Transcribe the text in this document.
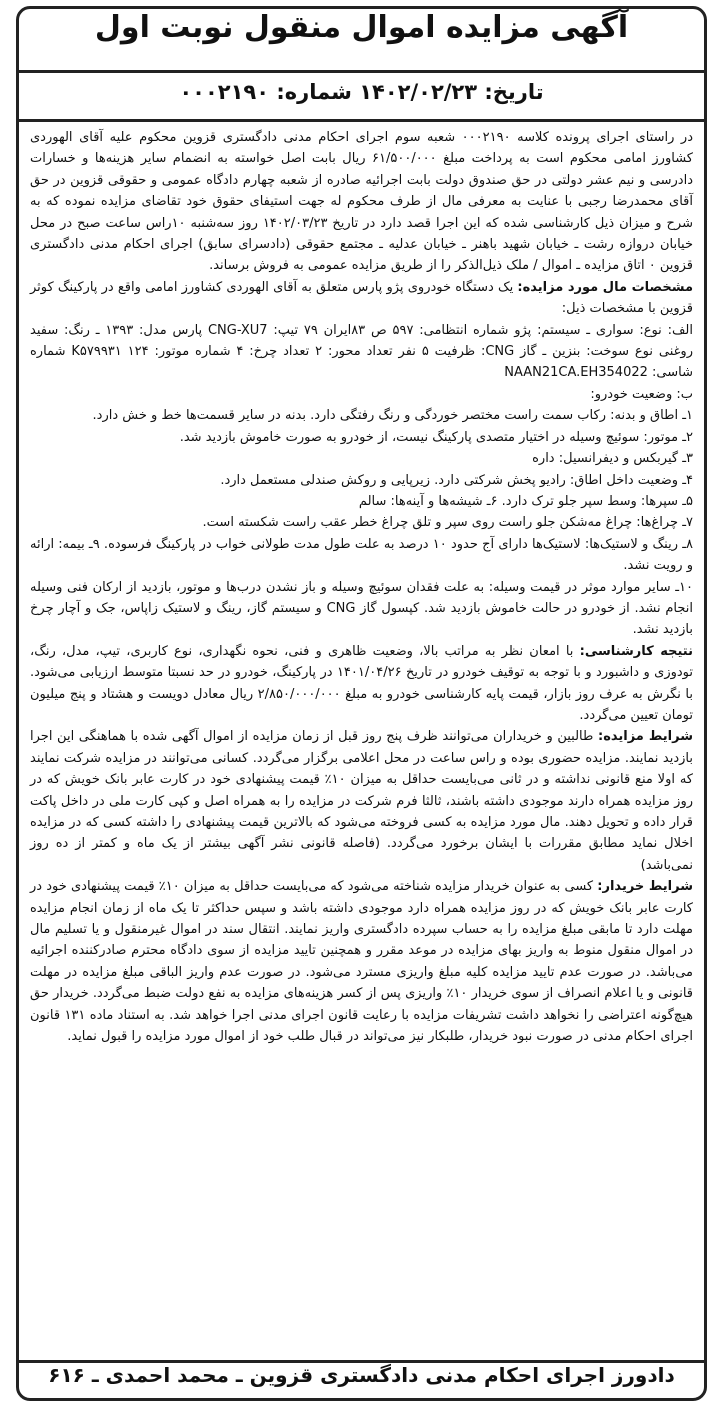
آگهی مزایده اموال منقول نوبت اول
تاریخ: ۱۴۰۲/۰۲/۲۳ شماره: ۰۰۰۲۱۹۰

در راستای اجرای پرونده کلاسه ۰۰۰۲۱۹۰ شعبه سوم اجرای احکام مدنی دادگستری قزوین محکوم علیه آقای الهوردی کشاورز امامی محکوم است به پرداخت مبلغ ۶۱/۵۰۰/۰۰۰ ریال بابت اصل خواسته به انضمام سایر هزینه‌ها و خسارات دادرسی و نیم عشر دولتی در حق صندوق دولت بابت اجرائیه صادره از شعبه چهارم دادگاه عمومی و حقوقی قزوین در حق آقای محمدرضا رجبی با عنایت به معرفی مال از طرف محکوم له جهت استیفای حقوق خود تقاضای مزایده نموده که به شرح و میزان ذیل کارشناسی شده که این اجرا قصد دارد در تاریخ ۱۴۰۲/۰۳/۲۳ روز سه‌شنبه ۱۰راس ساعت صبح در محل خیابان دروازه رشت ـ خیابان شهید باهنر ـ خیابان عدلیه ـ مجتمع حقوقی (دادسرای سابق) اجرای احکام مدنی دادگستری قزوین ۰ اتاق مزایده ـ اموال / ملک ذیل‌الذکر را از طریق مزایده عمومی به فروش برساند.

مشخصات مال مورد مزایده: یک دستگاه خودروی پژو پارس متعلق به آقای الهوردی کشاورز امامی واقع در پارکینگ کوثر قزوین با مشخصات ذیل:

الف: نوع: سواری ـ سیستم: پژو شماره انتظامی: ۵۹۷ ص ۸۳ایران ۷۹ تیپ: CNG-XU7 پارس مدل: ۱۳۹۳ ـ رنگ: سفید روغنی نوع سوخت: بنزین ـ گاز CNG: ظرفیت ۵ نفر تعداد محور: ۲ تعداد چرخ: ۴ شماره موتور: ۱۲۴ K۵۷۹۹۳۱ شماره شاسی: NAAN21CA.EH354022

ب: وضعیت خودرو:

۱ـ اطاق و بدنه: رکاب سمت راست مختصر خوردگی و رنگ رفتگی دارد. بدنه در سایر قسمت‌ها خط و خش دارد.

۲ـ موتور: سوئیچ وسیله در اختیار متصدی پارکینگ نیست، از خودرو به صورت خاموش بازدید شد.

۳ـ گیربکس و دیفرانسیل: داره

۴ـ وضعیت داخل اطاق: رادیو پخش شرکتی دارد. زیرپایی و روکش صندلی مستعمل دارد.

۵ـ سپرها: وسط سپر جلو ترک دارد. ۶ـ شیشه‌ها و آینه‌ها: سالم

۷ـ چراغ‌ها: چراغ مه‌شکن جلو راست روی سپر و تلق چراغ خطر عقب راست شکسته است.

۸ـ رینگ و لاستیک‌ها: لاستیک‌ها دارای آج حدود ۱۰ درصد به علت طول مدت طولانی خواب در پارکینگ فرسوده. ۹ـ بیمه: ارائه و رویت نشد.

۱۰ـ سایر موارد موثر در قیمت وسیله: به علت فقدان سوئیچ وسیله و باز نشدن درب‌ها و موتور، بازدید از ارکان فنی وسیله انجام نشد. از خودرو در حالت خاموش بازدید شد. کپسول گاز CNG و سیستم گاز، رینگ و لاستیک زاپاس، جک و آچار چرخ بازدید نشد.

نتیجه کارشناسی: با امعان نظر به مراتب بالا، وضعیت ظاهری و فنی، نحوه نگهداری، نوع کاربری، تیپ، مدل، رنگ، تودوزی و داشبورد و با توجه به توقیف خودرو در تاریخ ۱۴۰۱/۰۴/۲۶ در پارکینگ، خودرو در حد نسبتا متوسط ارزیابی می‌شود. با نگرش به عرف روز بازار، قیمت پایه کارشناسی خودرو به مبلغ ۲/۸۵۰/۰۰۰/۰۰۰ ریال معادل دویست و هشتاد و پنج میلیون تومان تعیین می‌گردد.

شرایط مزایده: طالبین و خریداران می‌توانند ظرف پنج روز قبل از زمان مزایده از اموال آگهی شده با هماهنگی این اجرا بازدید نمایند. مزایده حضوری بوده و راس ساعت در محل اعلامی برگزار می‌گردد. کسانی می‌توانند در مزایده شرکت نمایند که اولا منع قانونی نداشته و در ثانی می‌بایست حداقل به میزان ۱۰٪ قیمت پیشنهادی خود در کارت عابر بانک خویش که در روز مزایده همراه دارند موجودی داشته باشند، ثالثا فرم شرکت در مزایده را به همراه اصل و کپی کارت ملی در داخل پاکت قرار داده و تحویل دهند. مال مورد مزایده به کسی فروخته می‌شود که بالاترین قیمت پیشنهادی را داشته کسی که در مزایده اخلال نماید مطابق مقررات با ایشان برخورد می‌گردد. (فاصله قانونی نشر آگهی بیشتر از یک ماه و کمتر از ده روز نمی‌باشد)

شرایط خریدار: کسی به عنوان خریدار مزایده شناخته می‌شود که می‌بایست حداقل به میزان ۱۰٪ قیمت پیشنهادی خود در کارت عابر بانک خویش که در روز مزایده همراه دارد موجودی داشته باشد و سپس حداکثر تا یک ماه از زمان انجام مزایده مهلت دارد تا مابقی مبلغ مزایده را به حساب سپرده دادگستری واریز نمایند. انتقال سند در اموال غیرمنقول و یا تسلیم مال در اموال منقول منوط به واریز بهای مزایده در موعد مقرر و همچنین تایید مزایده از سوی دادگاه محترم صادرکننده اجرائیه می‌باشد. در صورت عدم تایید مزایده کلیه مبلغ واریزی مسترد می‌شود. در صورت عدم واریز الباقی مبلغ مزایده در مهلت قانونی و یا اعلام انصراف از سوی خریدار ۱۰٪ واریزی پس از کسر هزینه‌های مزایده به نفع دولت ضبط می‌گردد. خریدار حق هیچ‌گونه اعتراضی را نخواهد داشت تشریفات مزایده با رعایت قانون اجرای مدنی اجرا خواهد شد. به استناد ماده ۱۳۱ قانون اجرای احکام مدنی در صورت نبود خریدار، طلبکار نیز می‌تواند در قبال طلب خود از اموال مورد مزایده را قبول نماید.

دادورز اجرای احکام مدنی دادگستری قزوین ـ محمد احمدی ـ ۶۱۶
